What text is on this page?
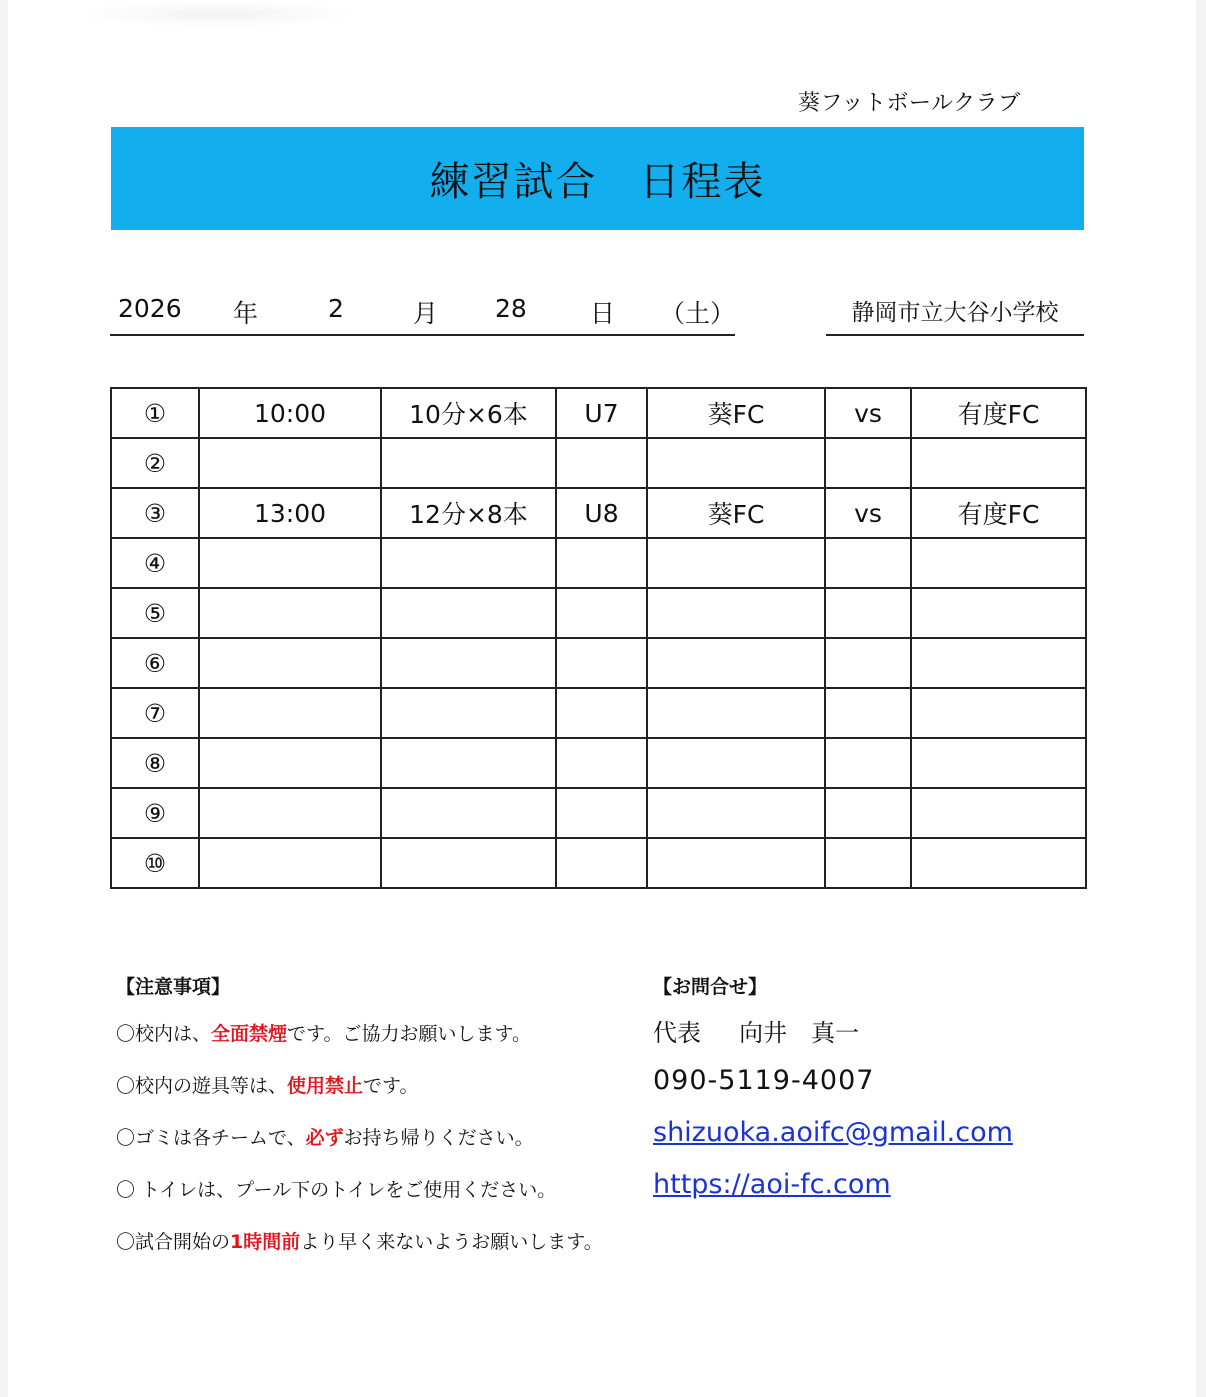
葵フットボールクラブ
練習試合
　 日程表
2026 年	2	月 28	日 （土）	静岡市立大谷小学校
①	10:00	10分×6本	U7	葵FC	vs	有度FC
②						
③	13:00	12分×8本	U8	葵FC	vs	有度FC
④						
⑤						
⑥						
⑦						
⑧						
⑨						
⑩						
【注意事項】
〇校内は、全面禁煙です。ご協力お願いします。
〇校内の遊具等は、使用禁止です。
〇ゴミは各チームで、必ずお持ち帰りください。
〇 トイレは、プール下のトイレをご使用ください。
〇試合開始の1時間前より早く来ないようお願いします。
【お問合せ】
代表 向井　真一
090-5119-4007
shizuoka.aoifc@gmail.com
https://aoi-fc.com
